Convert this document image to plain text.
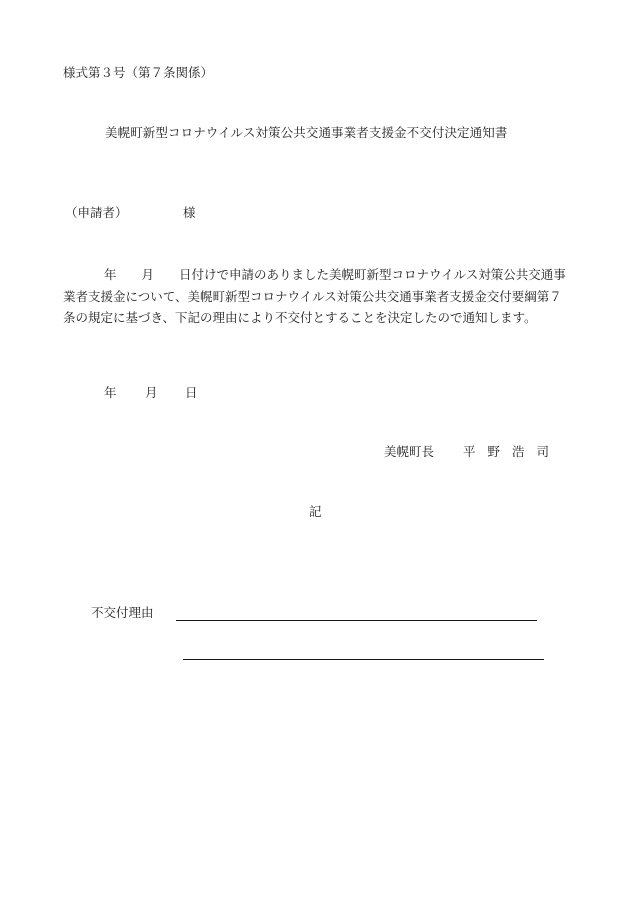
様式第３号（第７条関係）
美幌町新型コロナウイルス対策公共交通事業者支援金不交付決定通知書
（申請者）	様
年　　月　　日付けで申請のありました美幌町新型コロナウイルス対策公共交通事業者支援金について、美幌町新型コロナウイルス対策公共交通事業者支援金交付要綱第７条の規定に基づき、下記の理由により不交付とすることを決定したので通知します。
年 月 日
美幌町長 平野浩司
記
不交付理由
